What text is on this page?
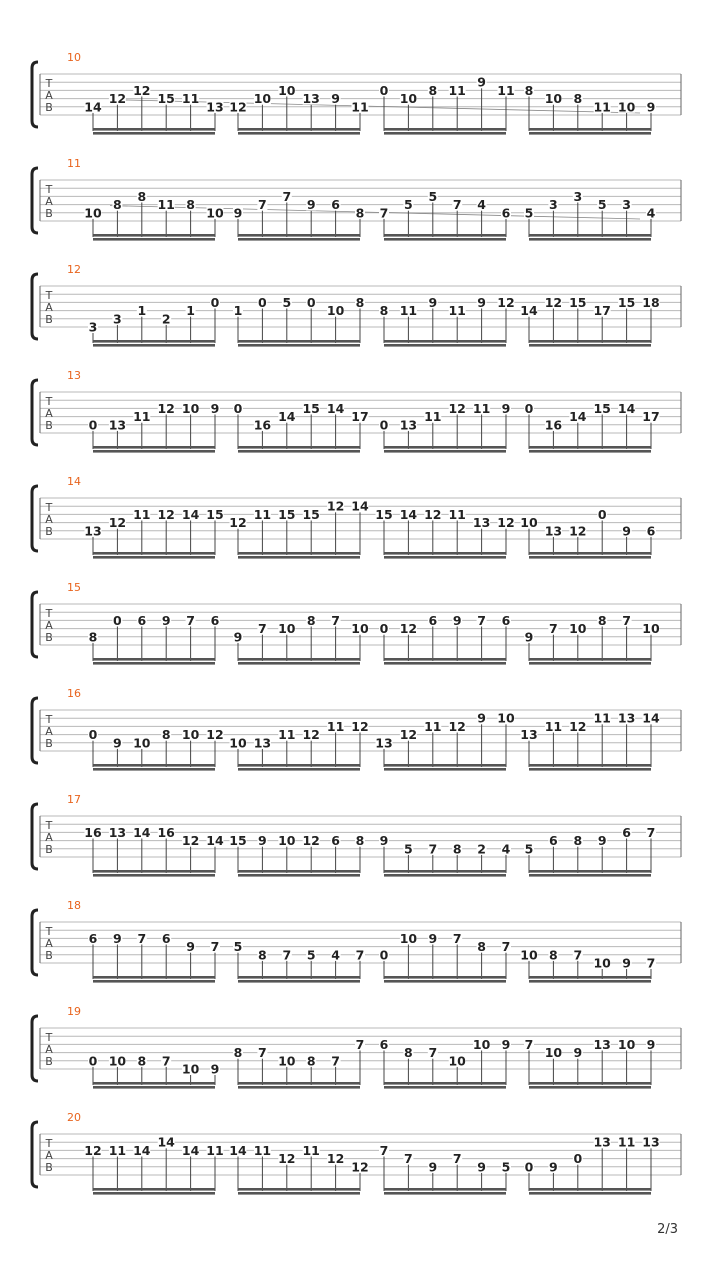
T
A
B
10
14
12
12
15 11
13 12
10
10
13 9
11
0
10
8 11
9
11 8
10 8
11 10 9
T
A
B
11
10
8
8
11 8
10 9
7
7
9 6
8 7
5
5
7 4
6 5
3
3
5 3
4
T
A
B
12
3
3
1
2
1
0
1
0 5 0
10
8
8 11
9
11
9 12
14
12 15
17
15 18
T
A
B
13
0 13
11
12 10 9 0
16
14
15 14
17
0 13
11
12 11 9 0
16
14
15 14
17
T
A
B
14
13
12
11 12 14 15
12
11 15 15
12 14
15 14 12 11
13 12 10
13 12
0
9 6
T
A
B
15
8
0 6 9 7 6
9
7 10
8 7
10 0 12
6 9 7 6
9
7 10
8 7
10
T
A
B
16
0
9 10
8 10 12
10 13
11 12
11 12
13
12
11 12
9 10
13
11 12
11 13 14
T
A
B
17
16 13 14 16
12 14 15 9 10 12 6 8 9
5 7 8 2 4 5
6 8 9
6 7
T
A
B
18
6 9 7 6
9 7 5
8 7 5 4 7 0
10 9 7
8 7
10 8 7
10 9 7
T
A
B
19
0 10 8 7
10 9
8 7
10 8 7
7 6
8 7
10
10 9 7
10 9
13 10 9
T
A
B
20
12 11 14
14
14 11 14 11
12
11
12
12
7
7
9
7
9 5 0 9
0
13 11 13
2/3
